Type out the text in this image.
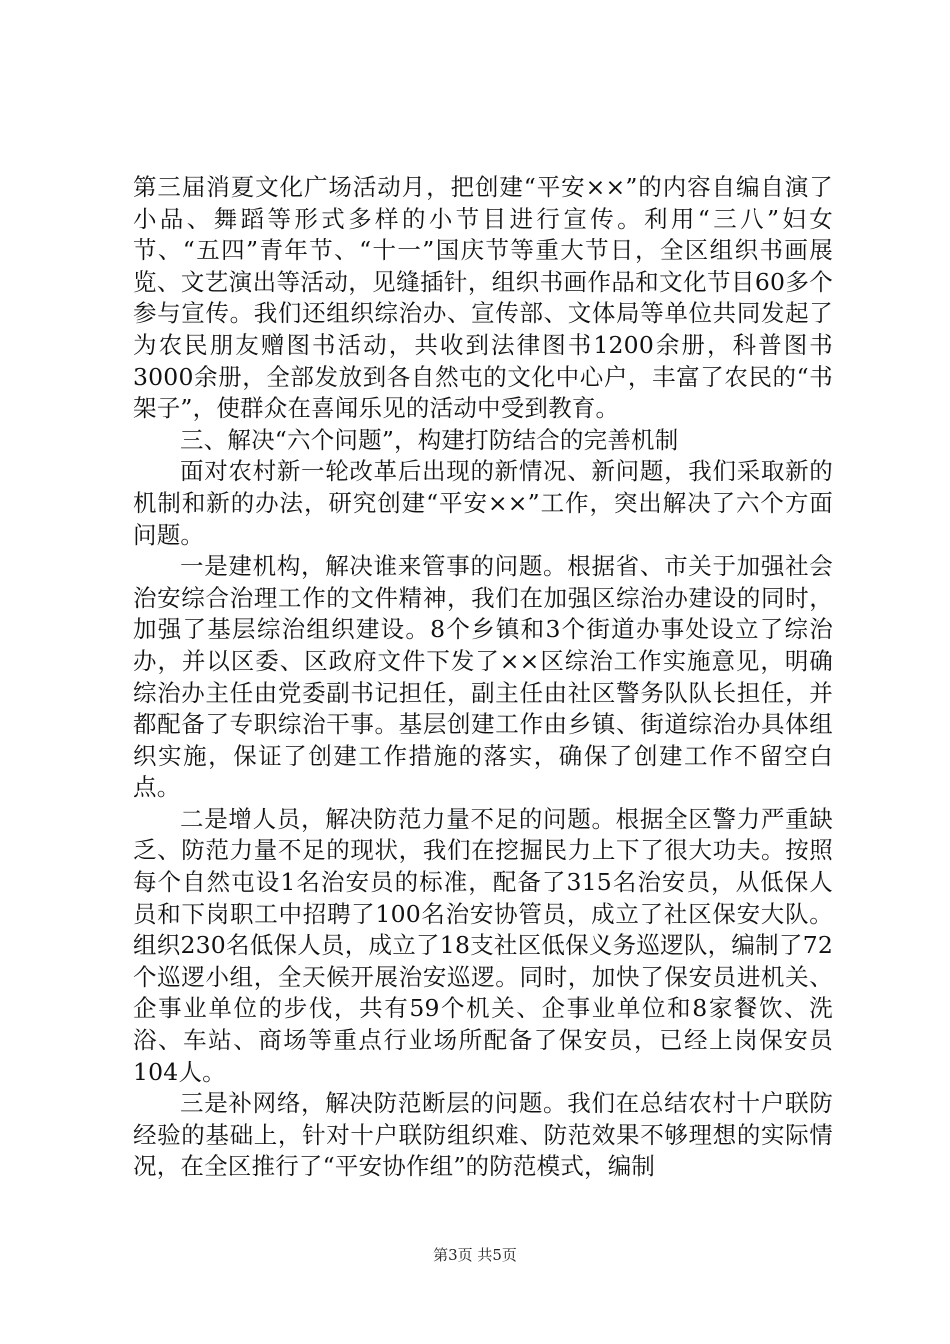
第三届消夏文化广场活动月，把创建“平安××”的内容自编自演了小品、舞蹈等形式多样的小节目进行宣传。利用“三八”妇女节、“五四”青年节、“十一”国庆节等重大节日，全区组织书画展览、文艺演出等活动，见缝插针，组织书画作品和文化节目60多个参与宣传。我们还组织综治办、宣传部、文体局等单位共同发起了为农民朋友赠图书活动，共收到法律图书1200余册，科普图书3000余册，全部发放到各自然屯的文化中心户，丰富了农民的“书架子”，使群众在喜闻乐见的活动中受到教育。

三、解决“六个问题”，构建打防结合的完善机制

面对农村新一轮改革后出现的新情况、新问题，我们采取新的机制和新的办法，研究创建“平安××”工作，突出解决了六个方面问题。

一是建机构，解决谁来管事的问题。根据省、市关于加强社会治安综合治理工作的文件精神，我们在加强区综治办建设的同时，加强了基层综治组织建设。8个乡镇和3个街道办事处设立了综治办，并以区委、区政府文件下发了××区综治工作实施意见，明确综治办主任由党委副书记担任，副主任由社区警务队队长担任，并都配备了专职综治干事。基层创建工作由乡镇、街道综治办具体组织实施，保证了创建工作措施的落实，确保了创建工作不留空白点。

二是增人员，解决防范力量不足的问题。根据全区警力严重缺乏、防范力量不足的现状，我们在挖掘民力上下了很大功夫。按照每个自然屯设1名治安员的标准，配备了315名治安员，从低保人员和下岗职工中招聘了100名治安协管员，成立了社区保安大队。组织230名低保人员，成立了18支社区低保义务巡逻队，编制了72个巡逻小组，全天候开展治安巡逻。同时，加快了保安员进机关、企事业单位的步伐，共有59个机关、企事业单位和8家餐饮、洗浴、车站、商场等重点行业场所配备了保安员，已经上岗保安员104人。

三是补网络，解决防范断层的问题。我们在总结农村十户联防经验的基础上，针对十户联防组织难、防范效果不够理想的实际情况，在全区推行了“平安协作组”的防范模式，编制

第3页 共5页
